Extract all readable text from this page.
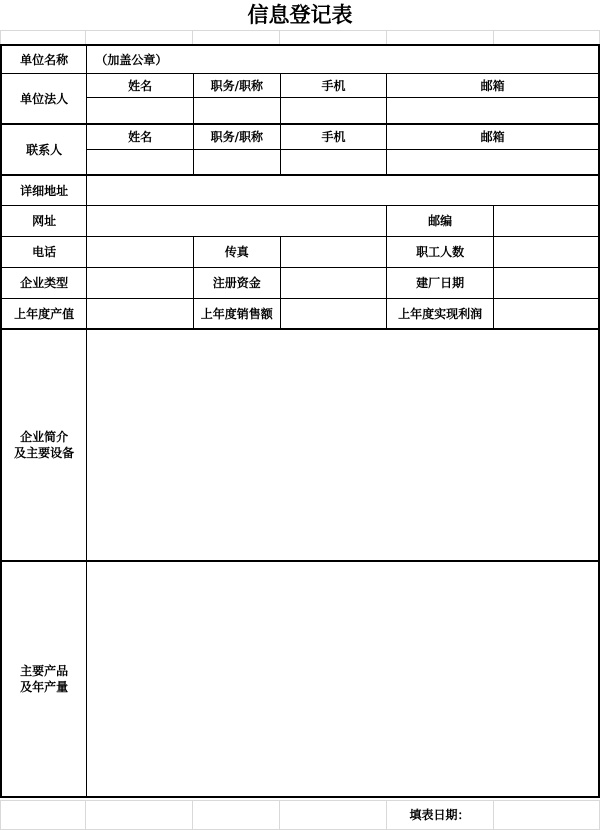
信息登记表
单位名称	（加盖公章）				
单位法人	姓名	职务/职称	手机	邮箱	

联系人	姓名	职务/职称	手机	邮箱	

详细地址					
网址				邮编	
电话		传真		职工人数	
企业类型		注册资金		建厂日期	
上年度产值		上年度销售额		上年度实现利润	

企业简介
及主要设备					

主要产品
及年产量					

填表日期：
